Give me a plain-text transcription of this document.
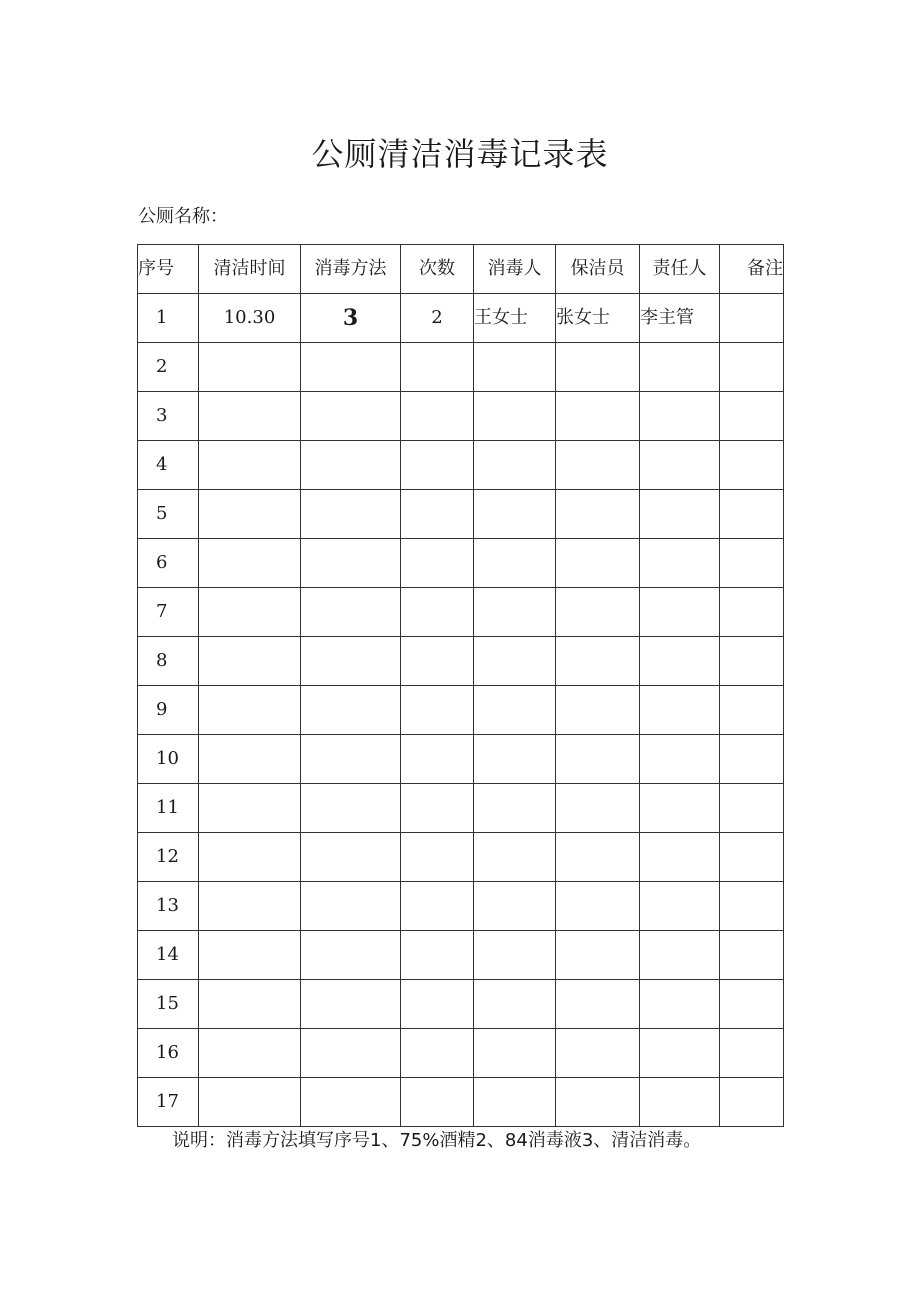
公厕清洁消毒记录表
公厕名称：
序号	清洁时间	消毒方法	次数	消毒人	保洁员	责任人	备注
1	10.30	3	2	王女士	张女士	李主管	
2							
3							
4							
5							
6							
7							
8							
9							
10							
11							
12							
13							
14							
15							
16							
17							
说明：消毒方法填写序号1、75%酒精2、84消毒液3、清洁消毒。
